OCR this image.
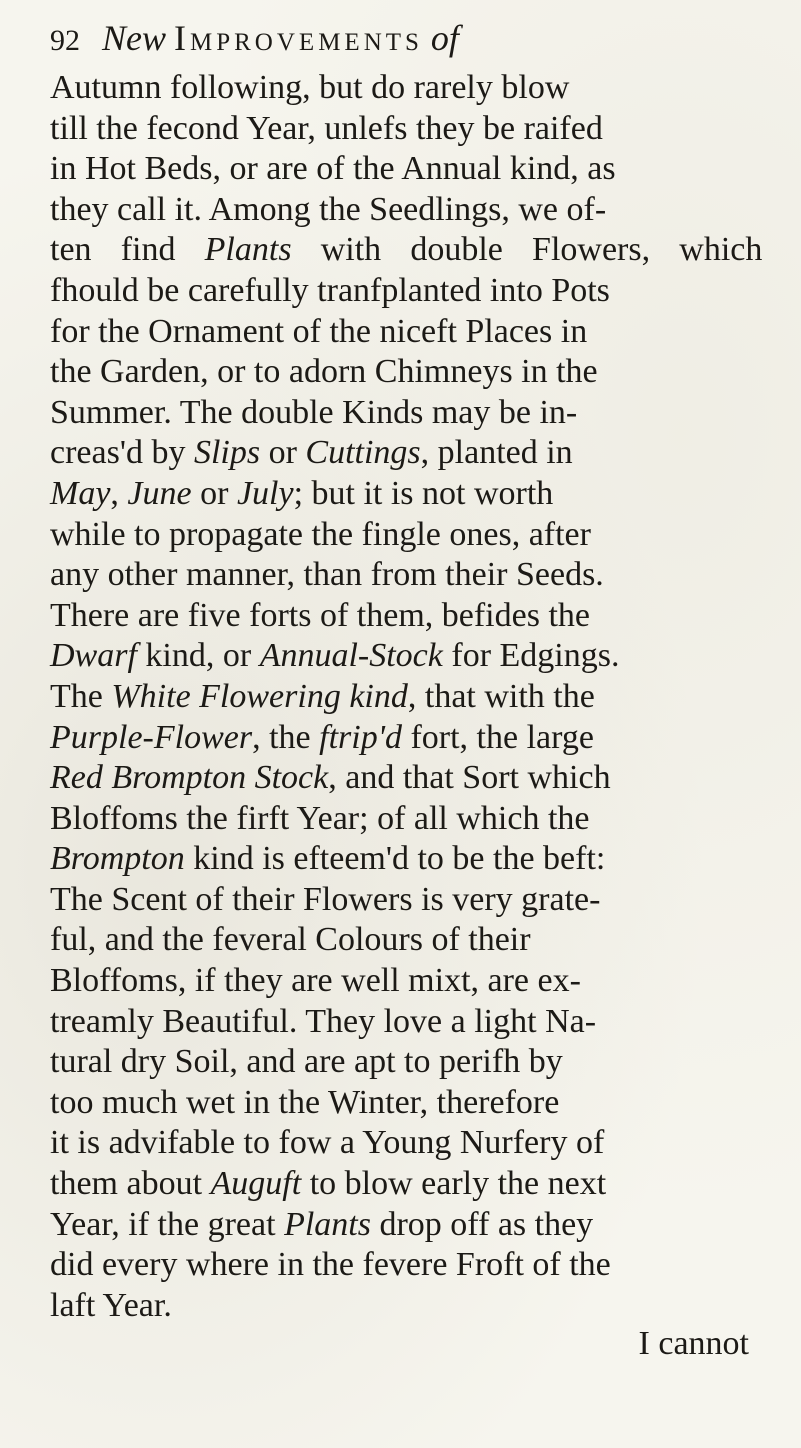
92 New Improvements of
Autumn following, but do rarely blow
till the fecond Year, unlefs they be raifed
in Hot Beds, or are of the Annual kind, as
they call it. Among the Seedlings, we of-
ten find Plants with double Flowers, which
fhould be carefully tranfplanted into Pots
for the Ornament of the niceft Places in
the Garden, or to adorn Chimneys in the
Summer. The double Kinds may be in-
creas'd by Slips or Cuttings, planted in
May, June or July; but it is not worth
while to propagate the fingle ones, after
any other manner, than from their Seeds.
There are five forts of them, befides the
Dwarf kind, or Annual-Stock for Edgings.
The White Flowering kind, that with the
Purple-Flower, the ftrip'd fort, the large
Red Brompton Stock, and that Sort which
Bloffoms the firft Year; of all which the
Brompton kind is efteem'd to be the beft:
The Scent of their Flowers is very grate-
ful, and the feveral Colours of their
Bloffoms, if they are well mixt, are ex-
treamly Beautiful. They love a light Na-
tural dry Soil, and are apt to perifh by
too much wet in the Winter, therefore
it is advifable to fow a Young Nurfery of
them about Auguft to blow early the next
Year, if the great Plants drop off as they
did every where in the fevere Froft of the
laft Year.
I cannot
